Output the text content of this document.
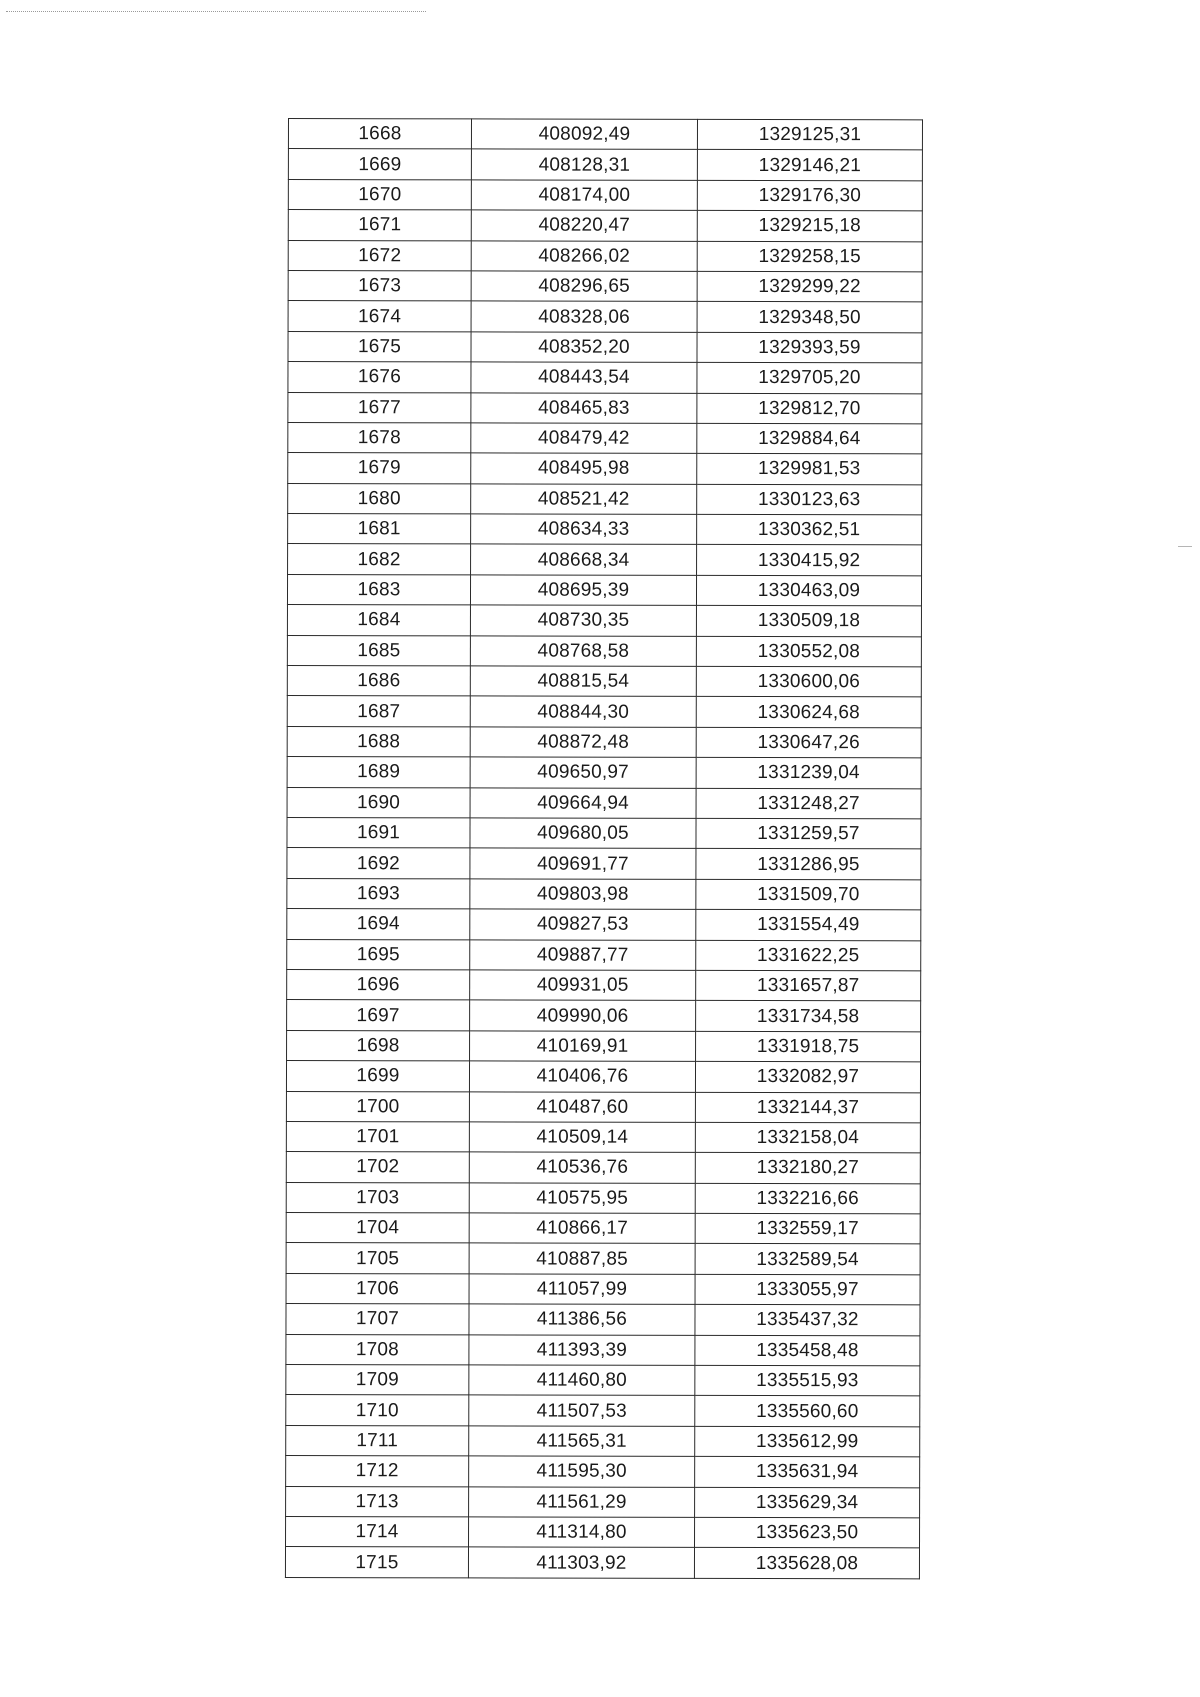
1668	408092,49	1329125,31
1669	408128,31	1329146,21
1670	408174,00	1329176,30
1671	408220,47	1329215,18
1672	408266,02	1329258,15
1673	408296,65	1329299,22
1674	408328,06	1329348,50
1675	408352,20	1329393,59
1676	408443,54	1329705,20
1677	408465,83	1329812,70
1678	408479,42	1329884,64
1679	408495,98	1329981,53
1680	408521,42	1330123,63
1681	408634,33	1330362,51
1682	408668,34	1330415,92
1683	408695,39	1330463,09
1684	408730,35	1330509,18
1685	408768,58	1330552,08
1686	408815,54	1330600,06
1687	408844,30	1330624,68
1688	408872,48	1330647,26
1689	409650,97	1331239,04
1690	409664,94	1331248,27
1691	409680,05	1331259,57
1692	409691,77	1331286,95
1693	409803,98	1331509,70
1694	409827,53	1331554,49
1695	409887,77	1331622,25
1696	409931,05	1331657,87
1697	409990,06	1331734,58
1698	410169,91	1331918,75
1699	410406,76	1332082,97
1700	410487,60	1332144,37
1701	410509,14	1332158,04
1702	410536,76	1332180,27
1703	410575,95	1332216,66
1704	410866,17	1332559,17
1705	410887,85	1332589,54
1706	411057,99	1333055,97
1707	411386,56	1335437,32
1708	411393,39	1335458,48
1709	411460,80	1335515,93
1710	411507,53	1335560,60
1711	411565,31	1335612,99
1712	411595,30	1335631,94
1713	411561,29	1335629,34
1714	411314,80	1335623,50
1715	411303,92	1335628,08
